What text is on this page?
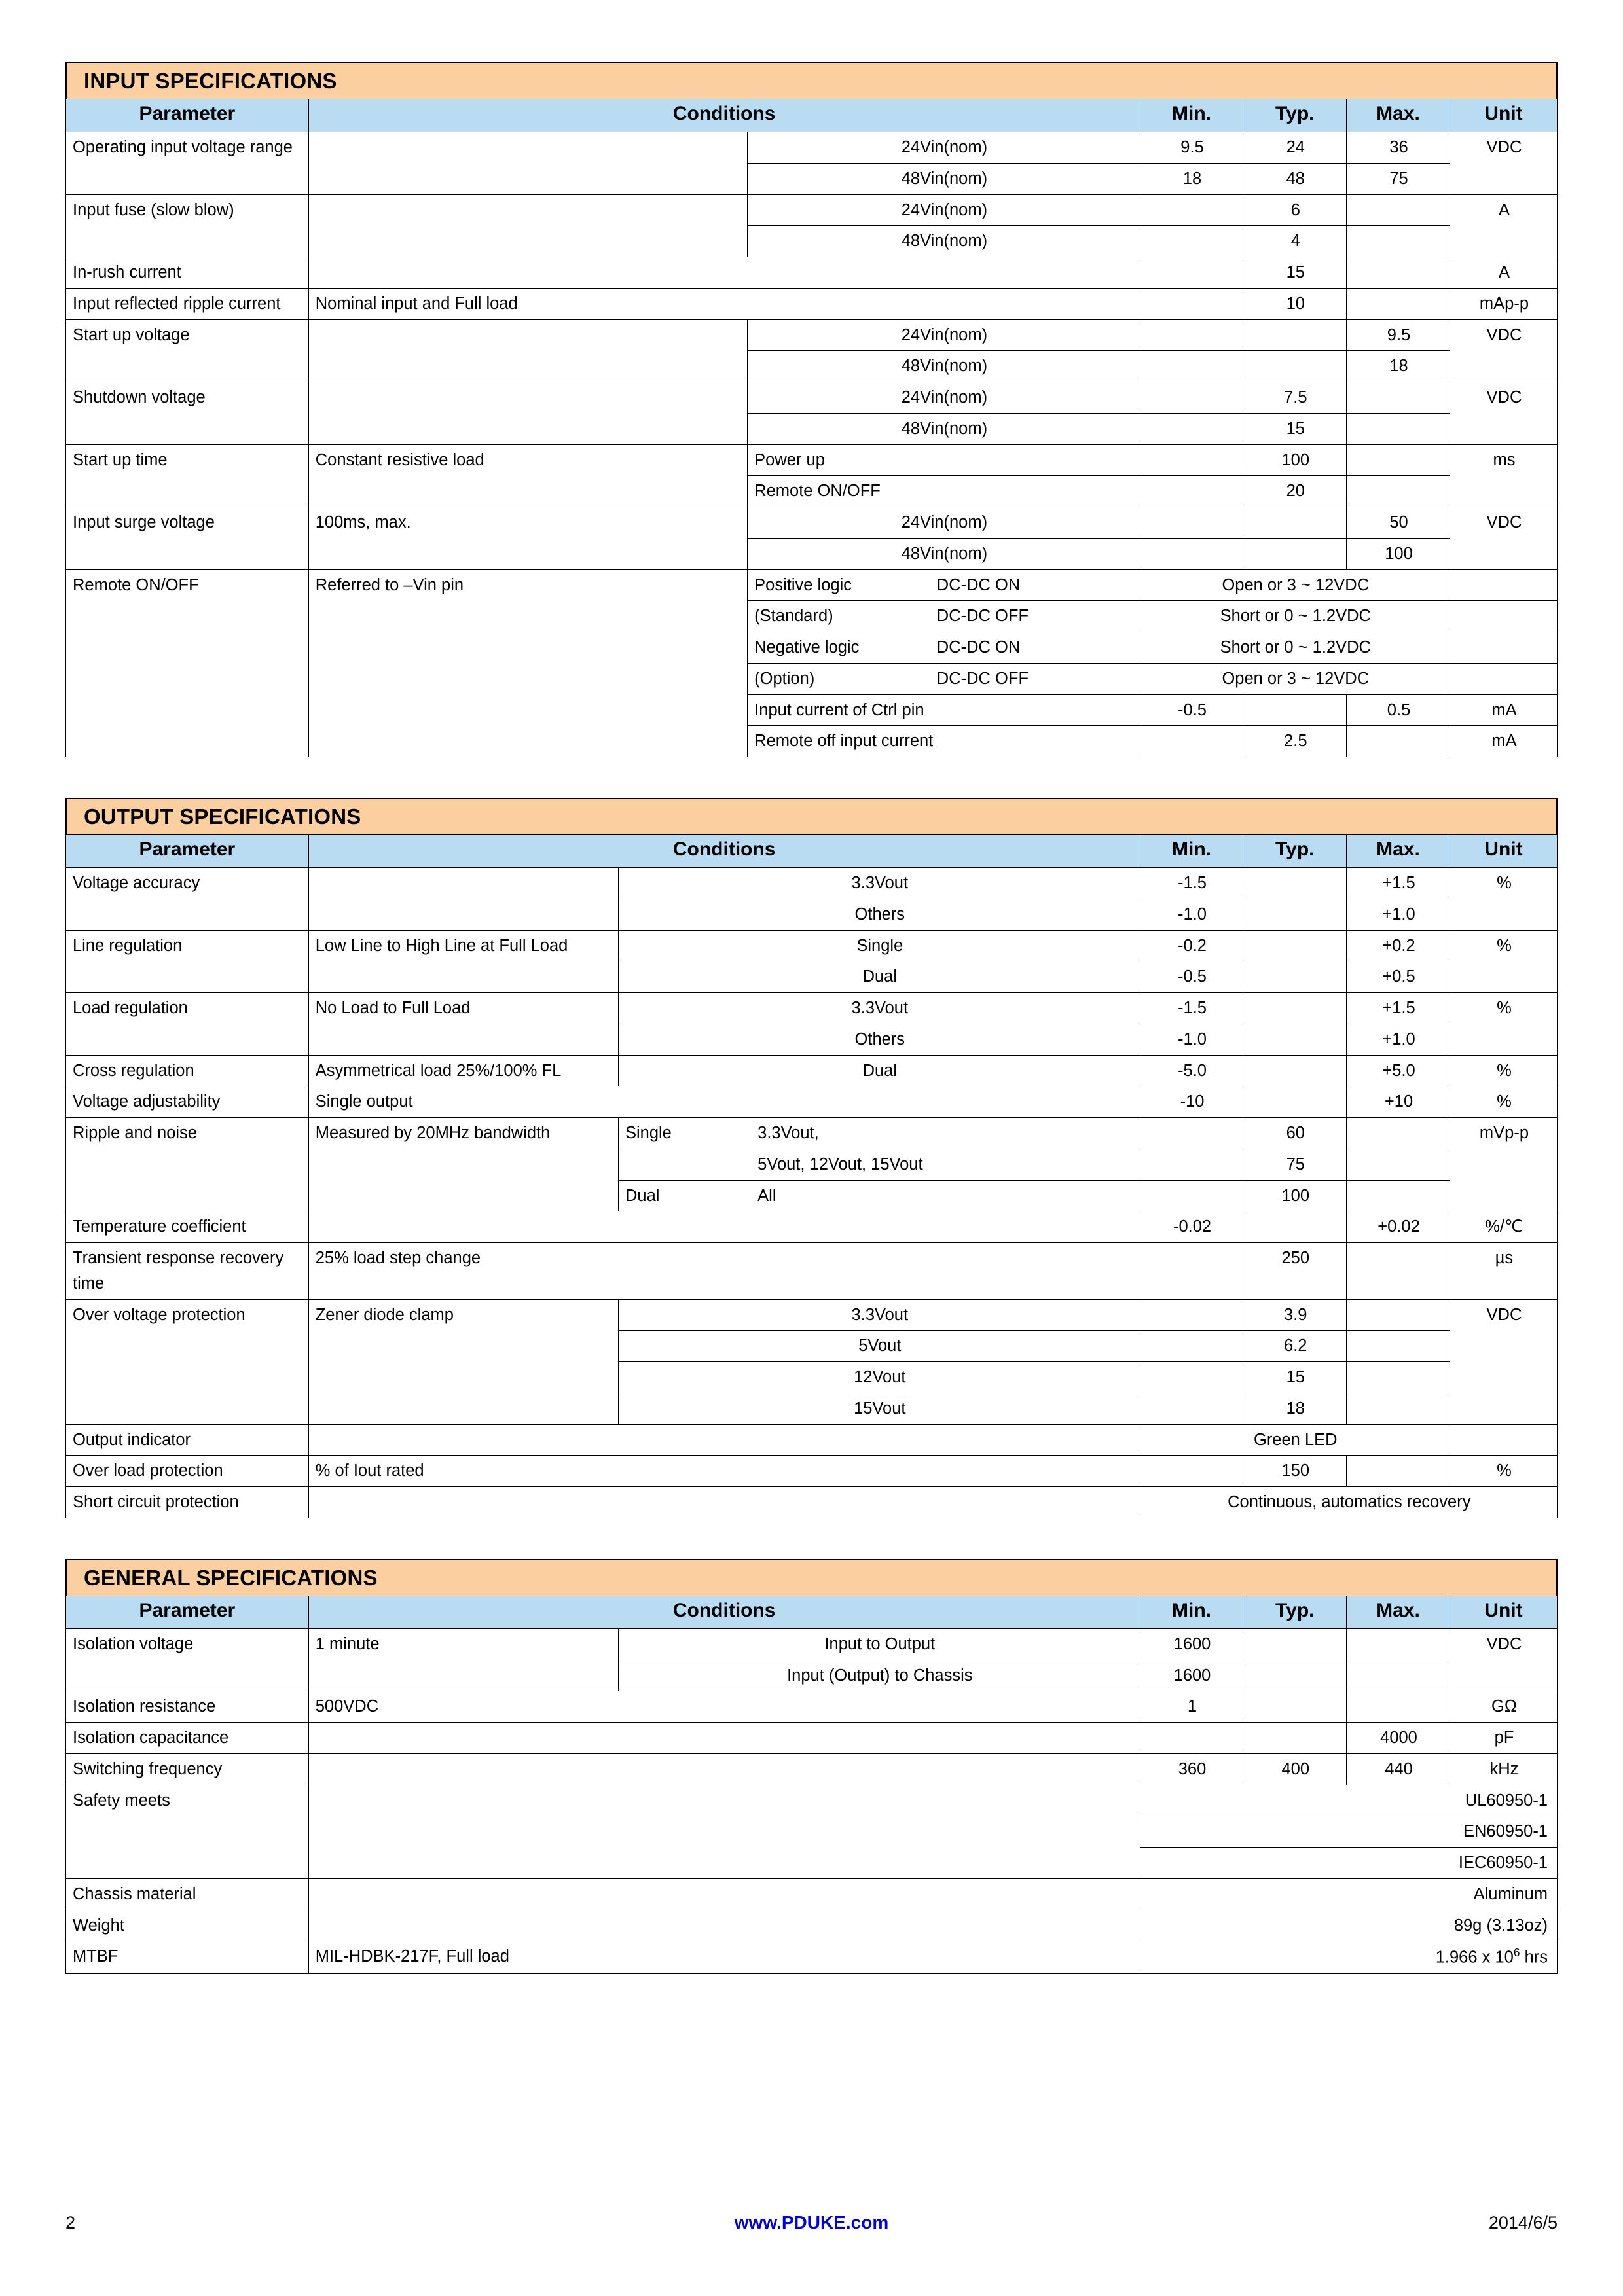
INPUT SPECIFICATIONS
Parameter	Conditions		Min.	Typ.	Max.	Unit

Operating input voltage range		24Vin(nom)	9.5	24	36	VDC

		48Vin(nom)	18	48	75	

Input fuse (slow blow)		24Vin(nom)		6		A

		48Vin(nom)		4		

In-rush current				15		A

Input reflected ripple current	Nominal input and Full load			10		mAp-p

Start up voltage		24Vin(nom)			9.5	VDC

		48Vin(nom)			18	

Shutdown voltage		24Vin(nom)		7.5		VDC

		48Vin(nom)		15		

Start up time	Constant resistive load	Power up		100		ms

		Remote ON/OFF		20		

Input surge voltage	100ms, max.	24Vin(nom)			50	VDC

		48Vin(nom)			100	

Remote ON/OFF	Referred to –Vin pin	Positive logic DC-DC ON	Open or 3 ~ 12VDC			

		(Standard) DC-DC OFF	Short or 0 ~ 1.2VDC			

		Negative logic DC-DC ON	Short or 0 ~ 1.2VDC			

		(Option) DC-DC OFF	Open or 3 ~ 12VDC			

		Input current of Ctrl pin	-0.5		0.5	mA

		Remote off input current		2.5		mA
OUTPUT SPECIFICATIONS
Parameter	Conditions		Min.	Typ.	Max.	Unit

Voltage accuracy		3.3Vout	-1.5		+1.5	%

		Others	-1.0		+1.0	

Line regulation	Low Line to High Line at Full Load	Single	-0.2		+0.2	%

		Dual	-0.5		+0.5	

Load regulation	No Load to Full Load	3.3Vout	-1.5		+1.5	%

		Others	-1.0		+1.0	

Cross regulation	Asymmetrical load 25%/100% FL	Dual	-5.0		+5.0	%

Voltage adjustability	Single output		-10		+10	%

Ripple and noise	Measured by 20MHz bandwidth	Single 3.3Vout,		60		mVp-p

		5Vout, 12Vout, 15Vout		75		

		Dual All		100		

Temperature coefficient			-0.02		+0.02	%/℃

Transient response recovery time	25% load step change			250		µs

Over voltage protection	Zener diode clamp	3.3Vout		3.9		VDC

		5Vout		6.2		

		12Vout		15		

		15Vout		18		

Output indicator			Green LED			

Over load protection	% of Iout rated			150		%

Short circuit protection			Continuous, automatics recovery			
GENERAL SPECIFICATIONS
Parameter	Conditions		Min.	Typ.	Max.	Unit

Isolation voltage	1 minute	Input to Output	1600			VDC

		Input (Output) to Chassis	1600			

Isolation resistance	500VDC		1			GΩ

Isolation capacitance					4000	pF

Switching frequency			360	400	440	kHz

Safety meets			UL60950-1			

			EN60950-1			

			IEC60950-1			

Chassis material			Aluminum			

Weight			89g (3.13oz)			

MTBF	MIL-HDBK-217F, Full load		1.966 x $10^6$ hrs			
2	www.PDUKE.com	2014/6/5
